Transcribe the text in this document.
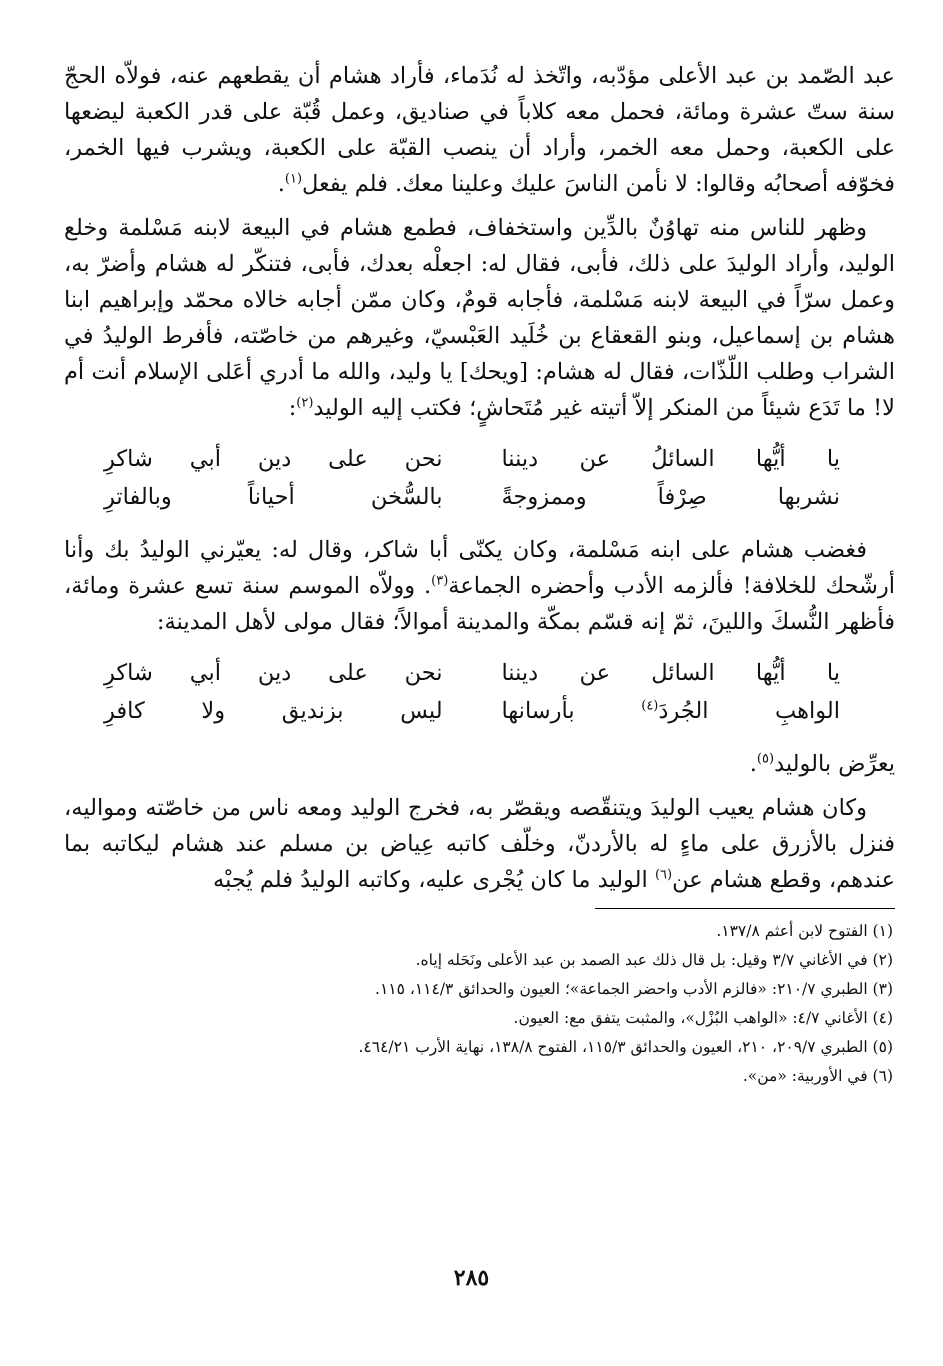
عبد الصّمد بن عبد الأعلى مؤدّبه، واتّخذ له نُدَماء، فأراد هشام أن يقطعهم عنه، فولاّه الحجّ سنة ستّ عشرة ومائة، فحمل معه كلاباً في صناديق، وعمل قُبّة على قدر الكعبة ليضعها على الكعبة، وحمل معه الخمر، وأراد أن ينصب القبّة على الكعبة، ويشرب فيها الخمر، فخوّفه أصحابُه وقالوا: لا نأمن الناسَ عليك وعلينا معك. فلم يفعل$^{(١)}$.

وظهر للناس منه تهاوُنٌ بالدِّين واستخفاف، فطمع هشام في البيعة لابنه مَسْلمة وخلع الوليد، وأراد الوليدَ على ذلك، فأبى، فقال له: اجعلْه بعدك، فأبى، فتنكّر له هشام وأضرّ به، وعمل سرّاً في البيعة لابنه مَسْلمة، فأجابه قومٌ، وكان ممّن أجابه خالاه محمّد وإبراهيم ابنا هشام بن إسماعيل، وبنو القعقاع بن خُلَيد العَبْسيّ، وغيرهم من خاصّته، فأفرط الوليدُ في الشراب وطلب اللّذّات، فقال له هشام: [ويحك] يا وليد، والله ما أدري أعَلى الإسلام أنت أم لا! ما تَدَع شيئاً من المنكر إلاّ أتيته غير مُتَحاشٍ؛ فكتب إليه الوليد$^{(٢)}$:

يا أيُّها السائلُ عن ديننا
نحن على دين أبي شاكرِ
نشربها صِرْفاً وممزوجةً
بالسُّخن أحياناً وبالفاترِ

فغضب هشام على ابنه مَسْلمة، وكان يكنّى أبا شاكر، وقال له: يعيّرني الوليدُ بك وأنا أرشّحك للخلافة! فألزمه الأدب وأحضره الجماعة$^{(٣)}$. وولاّه الموسم سنة تسع عشرة ومائة، فأظهر النُّسكَ واللينَ، ثمّ إنه قسّم بمكّة والمدينة أموالاً؛ فقال مولى لأهل المدينة:

يا أيُّها السائل عن ديننا
نحن على دين أبي شاكرِ
الواهبِ الجُردَ$^{(٤)}$ بأرسانها
ليس بزنديق ولا كافرِ

يعرِّض بالوليد$^{(٥)}$.

وكان هشام يعيب الوليدَ ويتنقّصه ويقصّر به، فخرج الوليد ومعه ناس من خاصّته ومواليه، فنزل بالأزرق على ماءٍ له بالأردنّ، وخلّف كاتبه عِياض بن مسلم عند هشام ليكاتبه بما عندهم، وقطع هشام عن$^{(٦)}$ الوليد ما كان يُجْرى عليه، وكاتبه الوليدُ فلم يُجبْه

(١) الفتوح لابن أعثم ١٣٧/٨.
(٢) في الأغاني ٣/٧ وقيل: بل قال ذلك عبد الصمد بن عبد الأعلى ونَحَله إياه.
(٣) الطبري ٢١٠/٧: «فالزم الأدب واحضر الجماعة»؛ العيون والحدائق ١١٤/٣، ١١٥.
(٤) الأغاني ٤/٧: «الواهب البُزْل»، والمثبت يتفق مع: العيون.
(٥) الطبري ٢٠٩/٧، ٢١٠، العيون والحدائق ١١٥/٣، الفتوح ١٣٨/٨، نهاية الأرب ٤٦٤/٢١.
(٦) في الأوربية: «من».
٢٨٥
